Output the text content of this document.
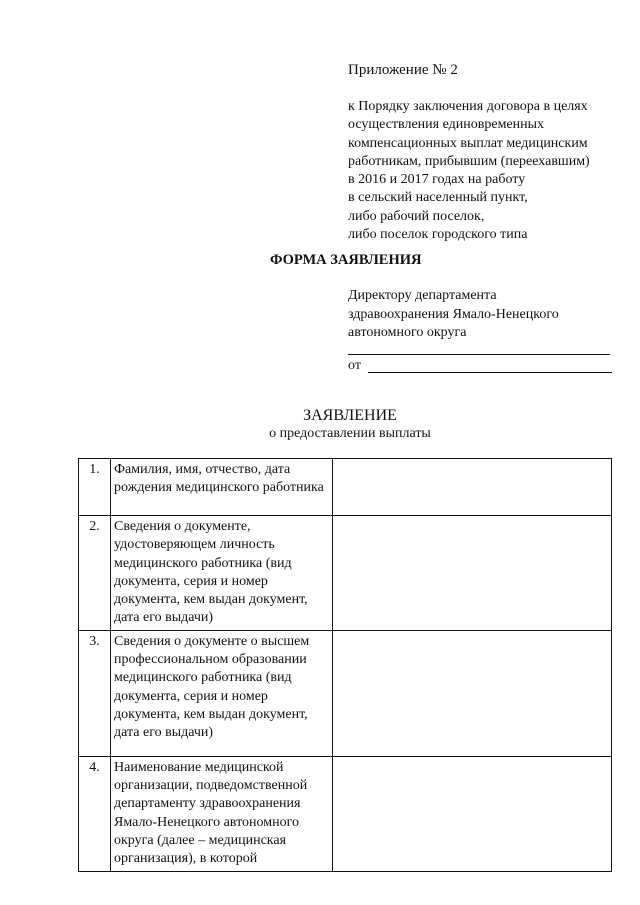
Приложение № 2
к Порядку заключения договора в целях
осуществления единовременных
компенсационных выплат медицинским
работникам, прибывшим (переехавшим)
в 2016 и 2017 годах на работу
в сельский населенный пункт,
либо рабочий поселок,
либо поселок городского типа
ФОРМА ЗАЯВЛЕНИЯ
Директору департамента
здравоохранения Ямало-Ненецкого
автономного округа
от
ЗАЯВЛЕНИЕ
о предоставлении выплаты
1.	Фамилия, имя, отчество, дата рождения медицинского работника	
2.	Сведения о документе, удостоверяющем личность медицинского работника (вид документа, серия и номер документа, кем выдан документ, дата его выдачи)	
3.	Сведения о документе о высшем профессиональном образовании медицинского работника (вид документа, серия и номер документа, кем выдан документ, дата его выдачи)	
4.	Наименование медицинской организации, подведомственной департаменту здравоохранения Ямало-Ненецкого автономного округа (далее – медицинская организация), в которой	
